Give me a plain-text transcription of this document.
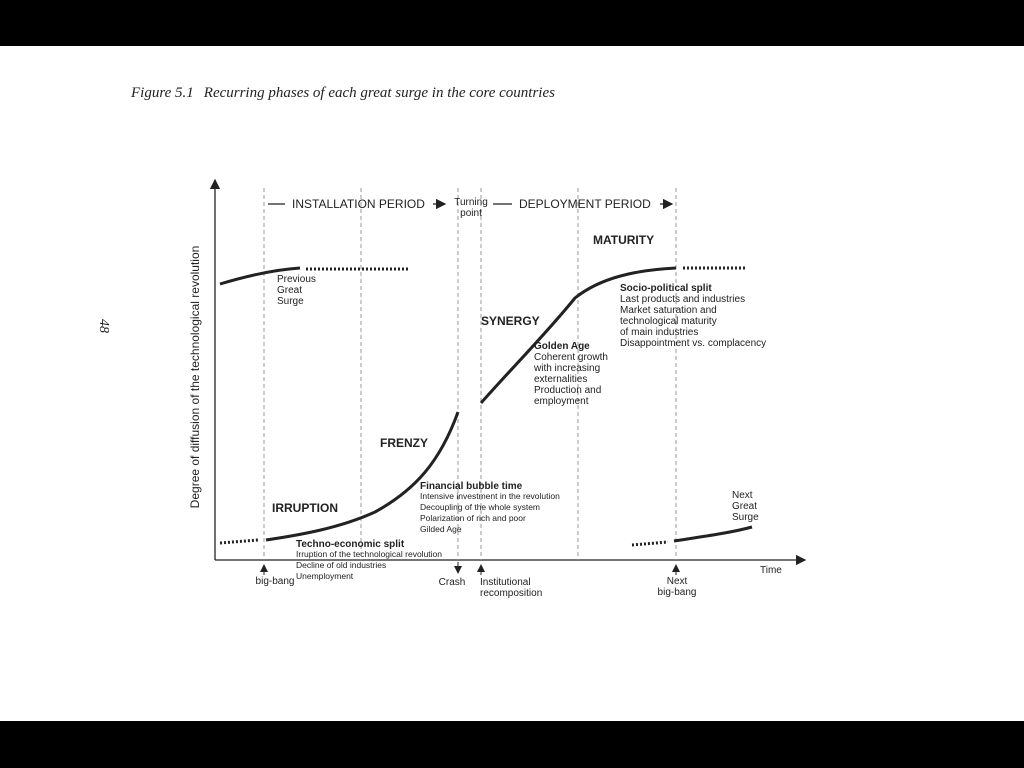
Figure 5.1 Recurring phases of each great surge in the core countries
48	Degree of diffusion of the technological revolution
Time
INSTALLATION PERIOD	Turning
point
DEPLOYMENT PERIOD
Previous
Great
Surge
Next
Great
Surge
IRRUPTION
FRENZY
SYNERGY
MATURITY
Techno-economic split
Irruption of the technological revolution
Decline of old industries
Unemployment
Financial bubble time
Intensive investment in the revolution
Decoupling of the whole system
Polarization of rich and poor
Gilded Age
Golden Age
Coherent growth
with increasing
externalities
Production and
employment
Socio-political split
Last products and industries
Market saturation and
technological maturity
of main industries
Disappointment vs. complacency
big-bang	Crash Institutional
recomposition
Next
big-bang
